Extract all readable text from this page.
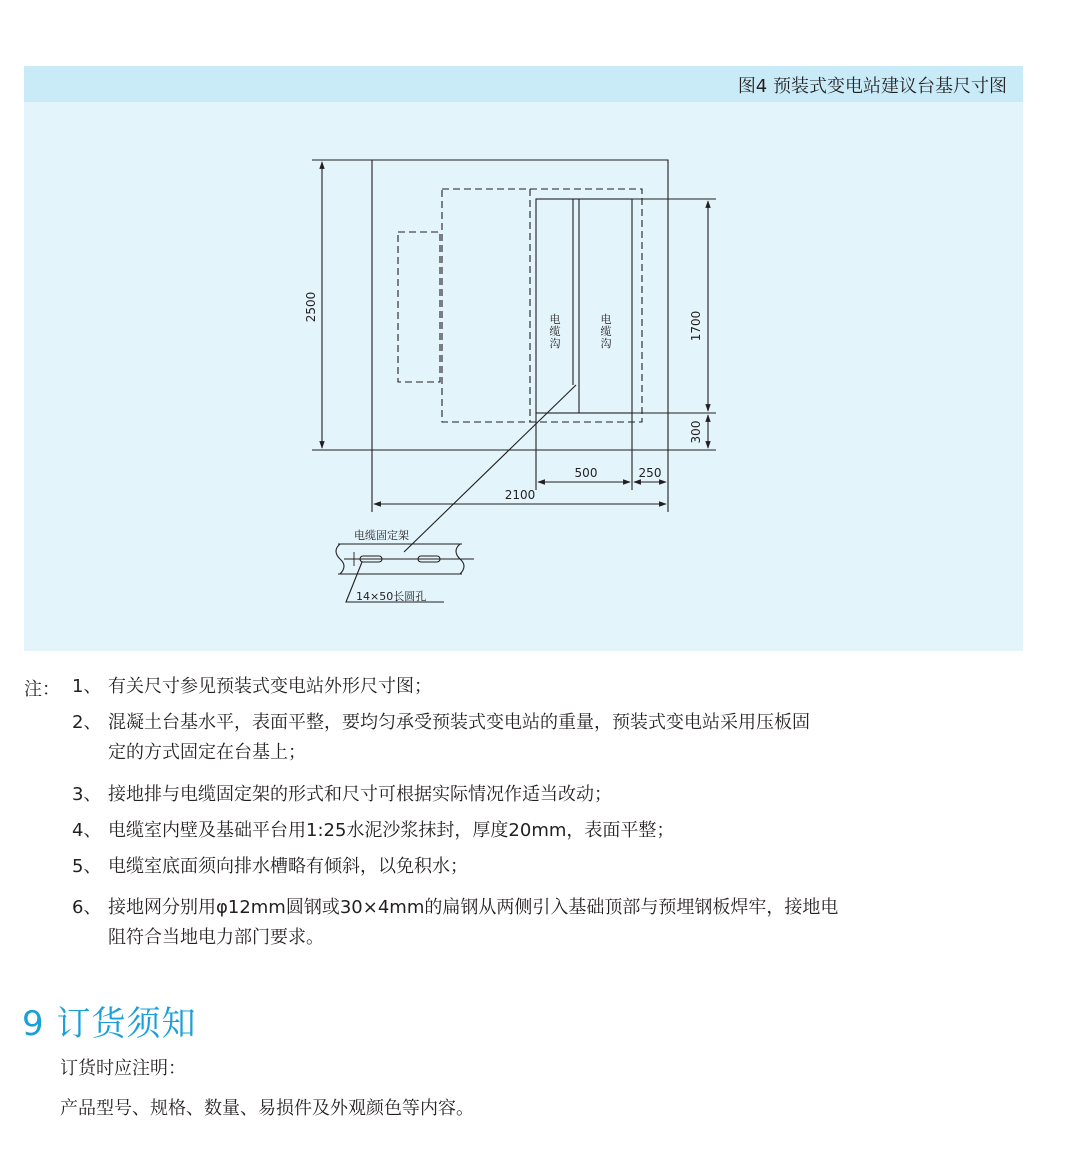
图4 预装式变电站建议台基尺寸图
2500
1700
300
500	250
2100
电
缆
沟
电
缆
沟
电缆固定架
14×50长圆孔
注： 1、 有关尺寸参见预装式变电站外形尺寸图；
2、 混凝土台基水平，表面平整，要均匀承受预装式变电站的重量，预装式变电站采用压板固
定的方式固定在台基上；
3、 接地排与电缆固定架的形式和尺寸可根据实际情况作适当改动；
4、 电缆室内壁及基础平台用1:25水泥沙浆抹封，厚度20mm，表面平整；
5、 电缆室底面须向排水槽略有倾斜，以免积水；
6、 接地网分别用φ12mm圆钢或30×4mm的扁钢从两侧引入基础顶部与预埋钢板焊牢，接地电
阻符合当地电力部门要求。
9 订货须知
订货时应注明：
产品型号、规格、数量、易损件及外观颜色等内容。
